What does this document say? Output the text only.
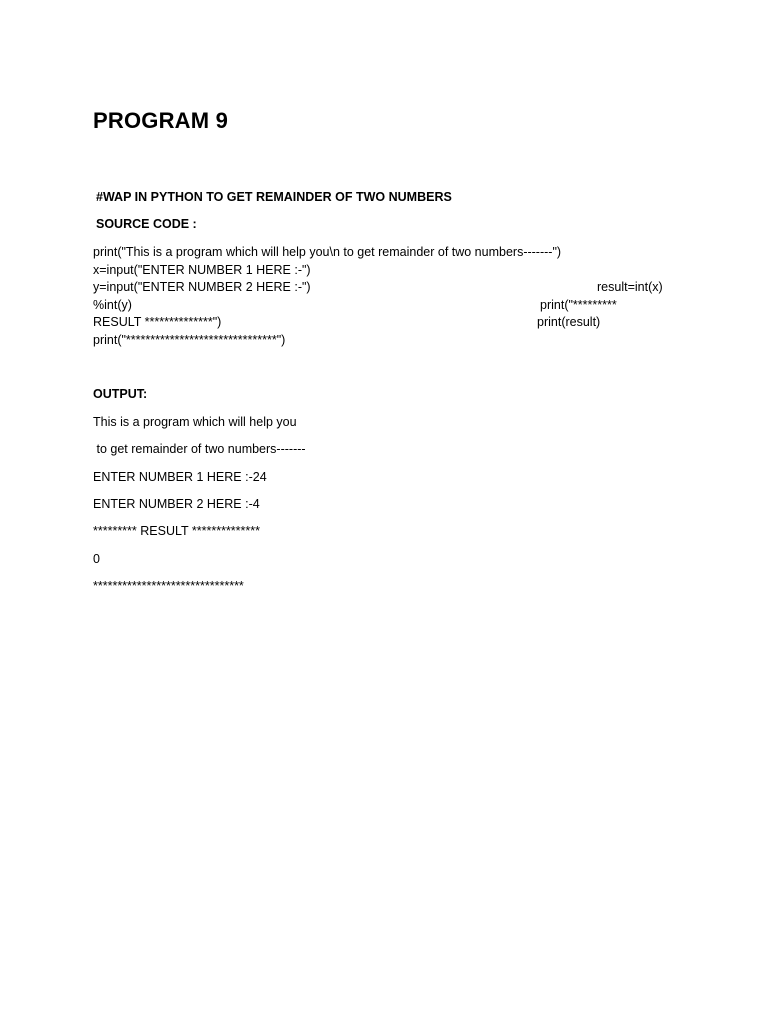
PROGRAM 9
#WAP IN PYTHON TO GET REMAINDER OF TWO NUMBERS
SOURCE CODE :
print("This is a program which will help you\n to get remainder of two numbers-------")
x=input("ENTER NUMBER 1 HERE :-")
y=input("ENTER NUMBER 2 HERE :-")	result=int(x)
%int(y)	print("*********
RESULT **************")	print(result)
print("*******************************")
OUTPUT:
This is a program which will help you
to get remainder of two numbers-------
ENTER NUMBER 1 HERE :-24
ENTER NUMBER 2 HERE :-4
********* RESULT **************
0
*******************************
